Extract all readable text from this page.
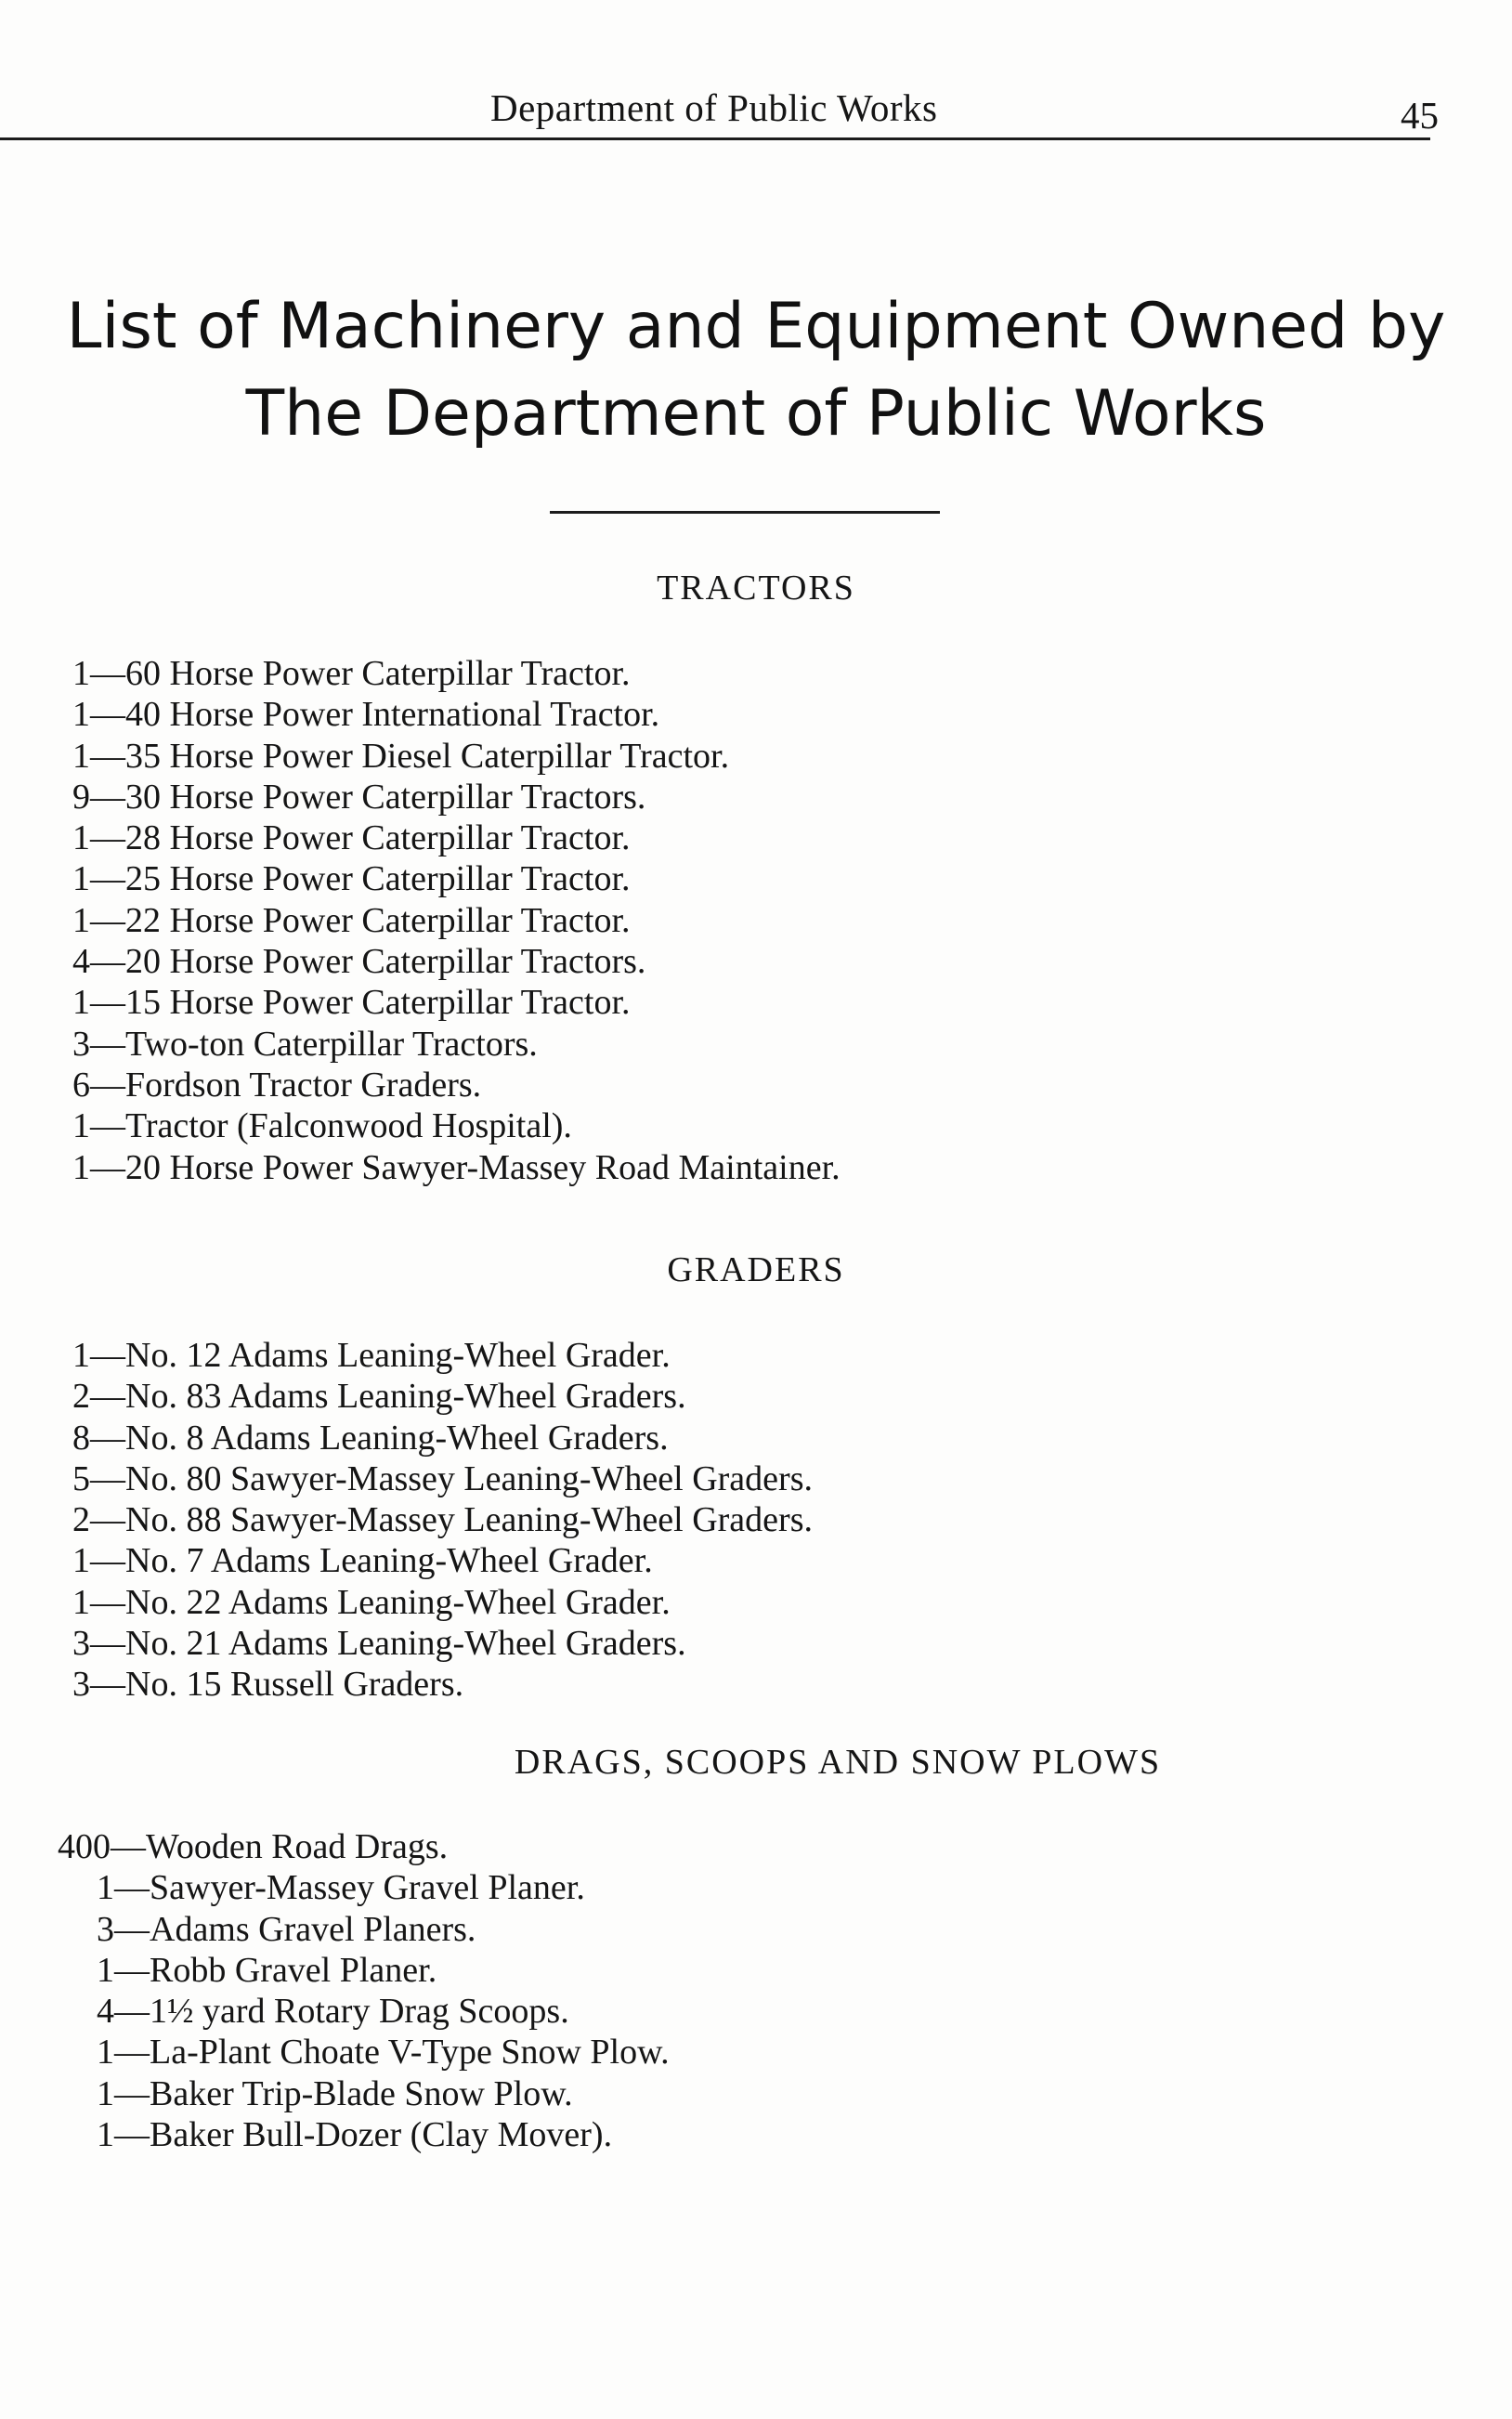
Department of Public Works	45
List of Machinery and Equipment Owned by
The Department of Public Works
TRACTORS
1—60 Horse Power Caterpillar Tractor.
1—40 Horse Power International Tractor.
1—35 Horse Power Diesel Caterpillar Tractor.
9—30 Horse Power Caterpillar Tractors.
1—28 Horse Power Caterpillar Tractor.
1—25 Horse Power Caterpillar Tractor.
1—22 Horse Power Caterpillar Tractor.
4—20 Horse Power Caterpillar Tractors.
1—15 Horse Power Caterpillar Tractor.
3—Two-ton Caterpillar Tractors.
6—Fordson Tractor Graders.
1—Tractor (Falconwood Hospital).
1—20 Horse Power Sawyer-Massey Road Maintainer.
GRADERS
1—No. 12 Adams Leaning-Wheel Grader.
2—No. 83 Adams Leaning-Wheel Graders.
8—No. 8 Adams Leaning-Wheel Graders.
5—No. 80 Sawyer-Massey Leaning-Wheel Graders.
2—No. 88 Sawyer-Massey Leaning-Wheel Graders.
1—No. 7 Adams Leaning-Wheel Grader.
1—No. 22 Adams Leaning-Wheel Grader.
3—No. 21 Adams Leaning-Wheel Graders.
3—No. 15 Russell Graders.
DRAGS, SCOOPS AND SNOW PLOWS
400—Wooden Road Drags.
1—Sawyer-Massey Gravel Planer.
3—Adams Gravel Planers.
1—Robb Gravel Planer.
4—1½ yard Rotary Drag Scoops.
1—La-Plant Choate V-Type Snow Plow.
1—Baker Trip-Blade Snow Plow.
1—Baker Bull-Dozer (Clay Mover).
